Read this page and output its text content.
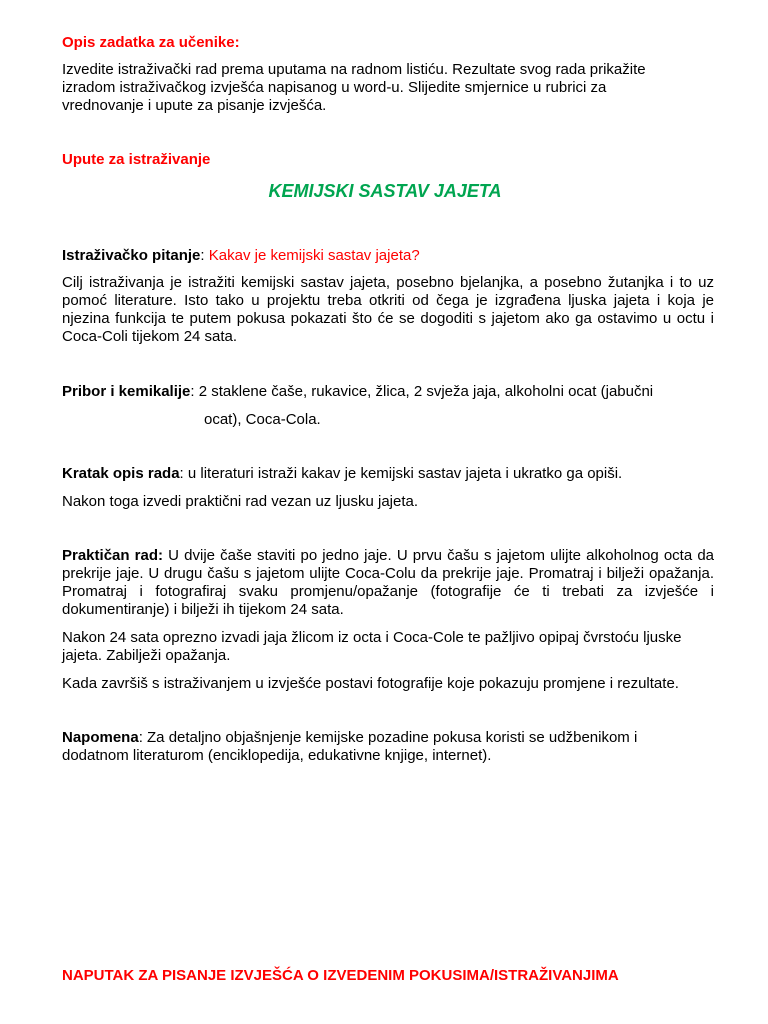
Opis zadatka za učenike:
Izvedite istraživački rad prema uputama na radnom listiću. Rezultate svog rada prikažite izradom istraživačkog izvješća napisanog u word-u. Slijedite smjernice u rubrici za vrednovanje i upute za pisanje izvješća.
Upute za istraživanje
KEMIJSKI SASTAV JAJETA
Istraživačko pitanje: Kakav je kemijski sastav jajeta?
Cilj istraživanja je istražiti kemijski sastav jajeta, posebno bjelanjka, a posebno žutanjka i to uz pomoć literature. Isto tako u projektu treba otkriti od čega je izgrađena ljuska jajeta i koja je njezina funkcija te putem pokusa pokazati što će se dogoditi s jajetom ako ga ostavimo u octu i Coca-Coli tijekom 24 sata.
Pribor i kemikalije: 2 staklene čaše, rukavice, žlica, 2 svježa jaja, alkoholni ocat (jabučni
ocat), Coca-Cola.
Kratak opis rada: u literaturi istraži kakav je kemijski sastav jajeta i ukratko ga opiši.
Nakon toga izvedi praktični rad vezan uz ljusku jajeta.
Praktičan rad: U dvije čaše staviti po jedno jaje. U prvu čašu s jajetom ulijte alkoholnog octa da prekrije jaje. U drugu čašu s jajetom ulijte Coca-Colu da prekrije jaje. Promatraj i bilježi opažanja. Promatraj i fotografiraj svaku promjenu/opažanje (fotografije će ti trebati za izvješće i dokumentiranje) i bilježi ih tijekom 24 sata.
Nakon 24 sata oprezno izvadi jaja žlicom iz octa i Coca-Cole te pažljivo opipaj čvrstoću ljuske jajeta. Zabilježi opažanja.
Kada završiš s istraživanjem u izvješće postavi fotografije koje pokazuju promjene i rezultate.
Napomena: Za detaljno objašnjenje kemijske pozadine pokusa koristi se udžbenikom i dodatnom literaturom (enciklopedija, edukativne knjige, internet).
NAPUTAK ZA PISANJE IZVJEŠĆA O IZVEDENIM POKUSIMA/ISTRAŽIVANJIMA
